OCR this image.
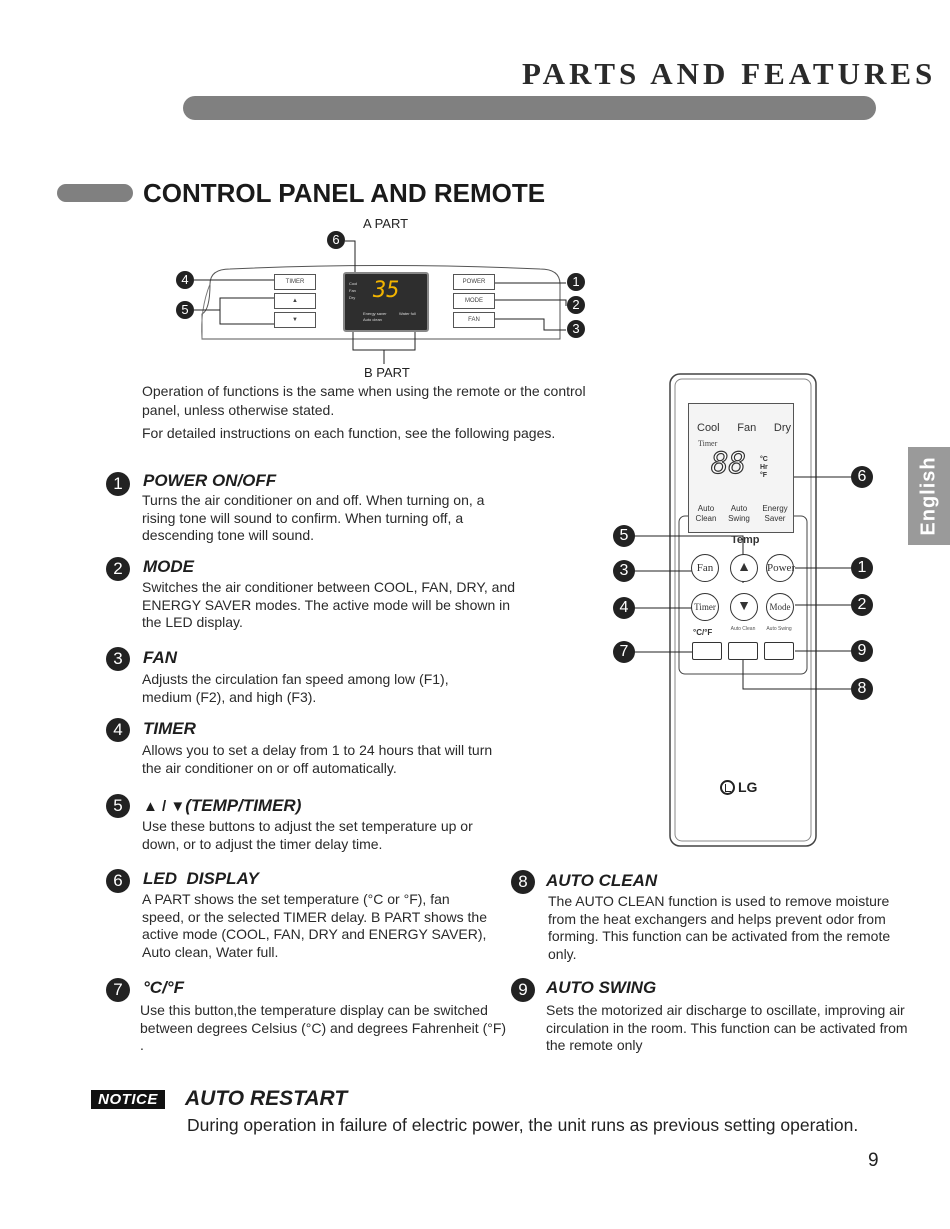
PARTS AND FEATURES
CONTROL PANEL AND REMOTE
English
A PART
B PART
TIMER
▲
▼
POWER
MODE
FAN
Cool
Fan
Dry 35
Energy saver
Auto clean
Water full
6
4
5
1
2
3
Operation of functions is the same when using the remote or the control panel, unless otherwise stated.
For detailed instructions on each function, see the following pages.
1	POWER ON/OFF
Turns the air conditioner on and off. When turning on, a rising tone will sound to confirm. When turning off, a descending tone will sound.
2	MODE
Switches the air conditioner between COOL, FAN, DRY, and ENERGY SAVER modes. The active mode will be shown in the LED display.
3	FAN
Adjusts the circulation fan speed among low (F1), medium (F2), and high (F3).
4	TIMER
Allows you to set a delay from 1 to 24 hours that will turn the air conditioner on or off automatically.
5	▲ / ▼(TEMP/TIMER)
Use these buttons to adjust the set temperature up or down, or to adjust the timer delay time.
6	LED  DISPLAY
A PART shows the set temperature (°C or °F), fan speed, or the selected TIMER delay. B PART shows the active mode (COOL, FAN, DRY and ENERGY SAVER), Auto clean, Water full.
7	°C/°F
Use this button,the temperature display can be switched between degrees Celsius (°C) and degrees Fahrenheit (°F) .
8	AUTO CLEAN
The AUTO CLEAN function is used to remove moisture from the heat exchangers and helps prevent odor from forming. This function can be activated from the remote only.
9	AUTO SWING
Sets the motorized air discharge to oscillate, improving air circulation in the room. This function can be activated from the remote only
Cool Fan Dry
Timer
88 °C
Hr
°F
Auto Clean
Auto Swing
Energy Saver
Temp
Fan	▲	Power
Timer	▼	Mode
°C/°F	Auto Clean	Auto Swing
LG
5
3
4
7
6
1
2
9
8
NOTICE	AUTO RESTART
During operation in failure of electric power, the unit runs as previous setting operation.
9
